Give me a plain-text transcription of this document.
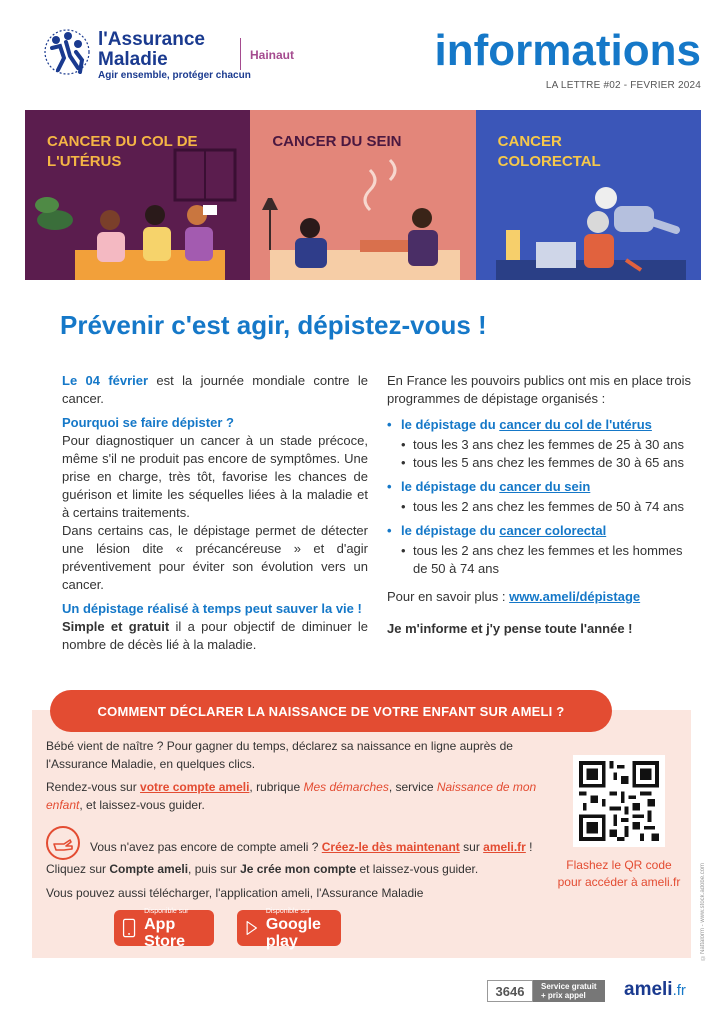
l'Assurance
Maladie
Agir ensemble, protéger chacun
Hainaut	informations
LA LETTRE #02 - FEVRIER 2024
CANCER DU COL DE L'UTÉRUS
CANCER DU SEIN	CANCER COLORECTAL
Prévenir c'est agir, dépistez-vous !

Le 04 février est la journée mondiale contre le cancer.

Pourquoi se faire dépister ?

Pour diagnostiquer un cancer à un stade précoce, même s'il ne produit pas encore de symptômes. Une prise en charge, très tôt, favorise les chances de guérison et limite les séquelles liées à la maladie et à certains traitements.

Dans certains cas, le dépistage permet de détecter une lésion dite « précancéreuse » et d'agir préventivement pour éviter son évolution vers un cancer.

Un dépistage réalisé à temps peut sauver la vie !

Simple et gratuit il a pour objectif de diminuer le nombre de décès lié à la maladie.

En France les pouvoirs publics ont mis en place trois programmes de dépistage organisés :

• le dépistage du cancer du col de l'utérus
• tous les 3 ans chez les femmes de 25 à 30 ans
• tous les 5 ans chez les femmes de 30 à 65 ans
• le dépistage du cancer du sein
• tous les 2 ans chez les femmes de 50 à 74 ans
• le dépistage du cancer colorectal
• tous les 2 ans chez les femmes et les hommes de 50 à 74 ans

Pour en savoir plus : www.ameli/dépistage

Je m'informe et j'y pense toute l'année !

COMMENT DÉCLARER LA NAISSANCE DE VOTRE ENFANT SUR AMELI ?

Bébé vient de naître ? Pour gagner du temps, déclarez sa naissance en ligne auprès de l'Assurance Maladie, en quelques clics.

Rendez-vous sur votre compte ameli, rubrique Mes démarches, service Naissance de mon enfant, et laissez-vous guider.

Vous n'avez pas encore de compte ameli ? Créez-le dès maintenant sur ameli.fr !

Cliquez sur Compte ameli, puis sur Je crée mon compte et laissez-vous guider.

Vous pouvez aussi télécharger, l'application ameli, l'Assurance Maladie

Flashez le QR code
pour accéder à ameli.fr
Disponible sur
App Store
Disponible sur
Google play	©Nattalorm - www.stock.adobe.com
3646	Service gratuit
+ prix appel	ameli.fr
